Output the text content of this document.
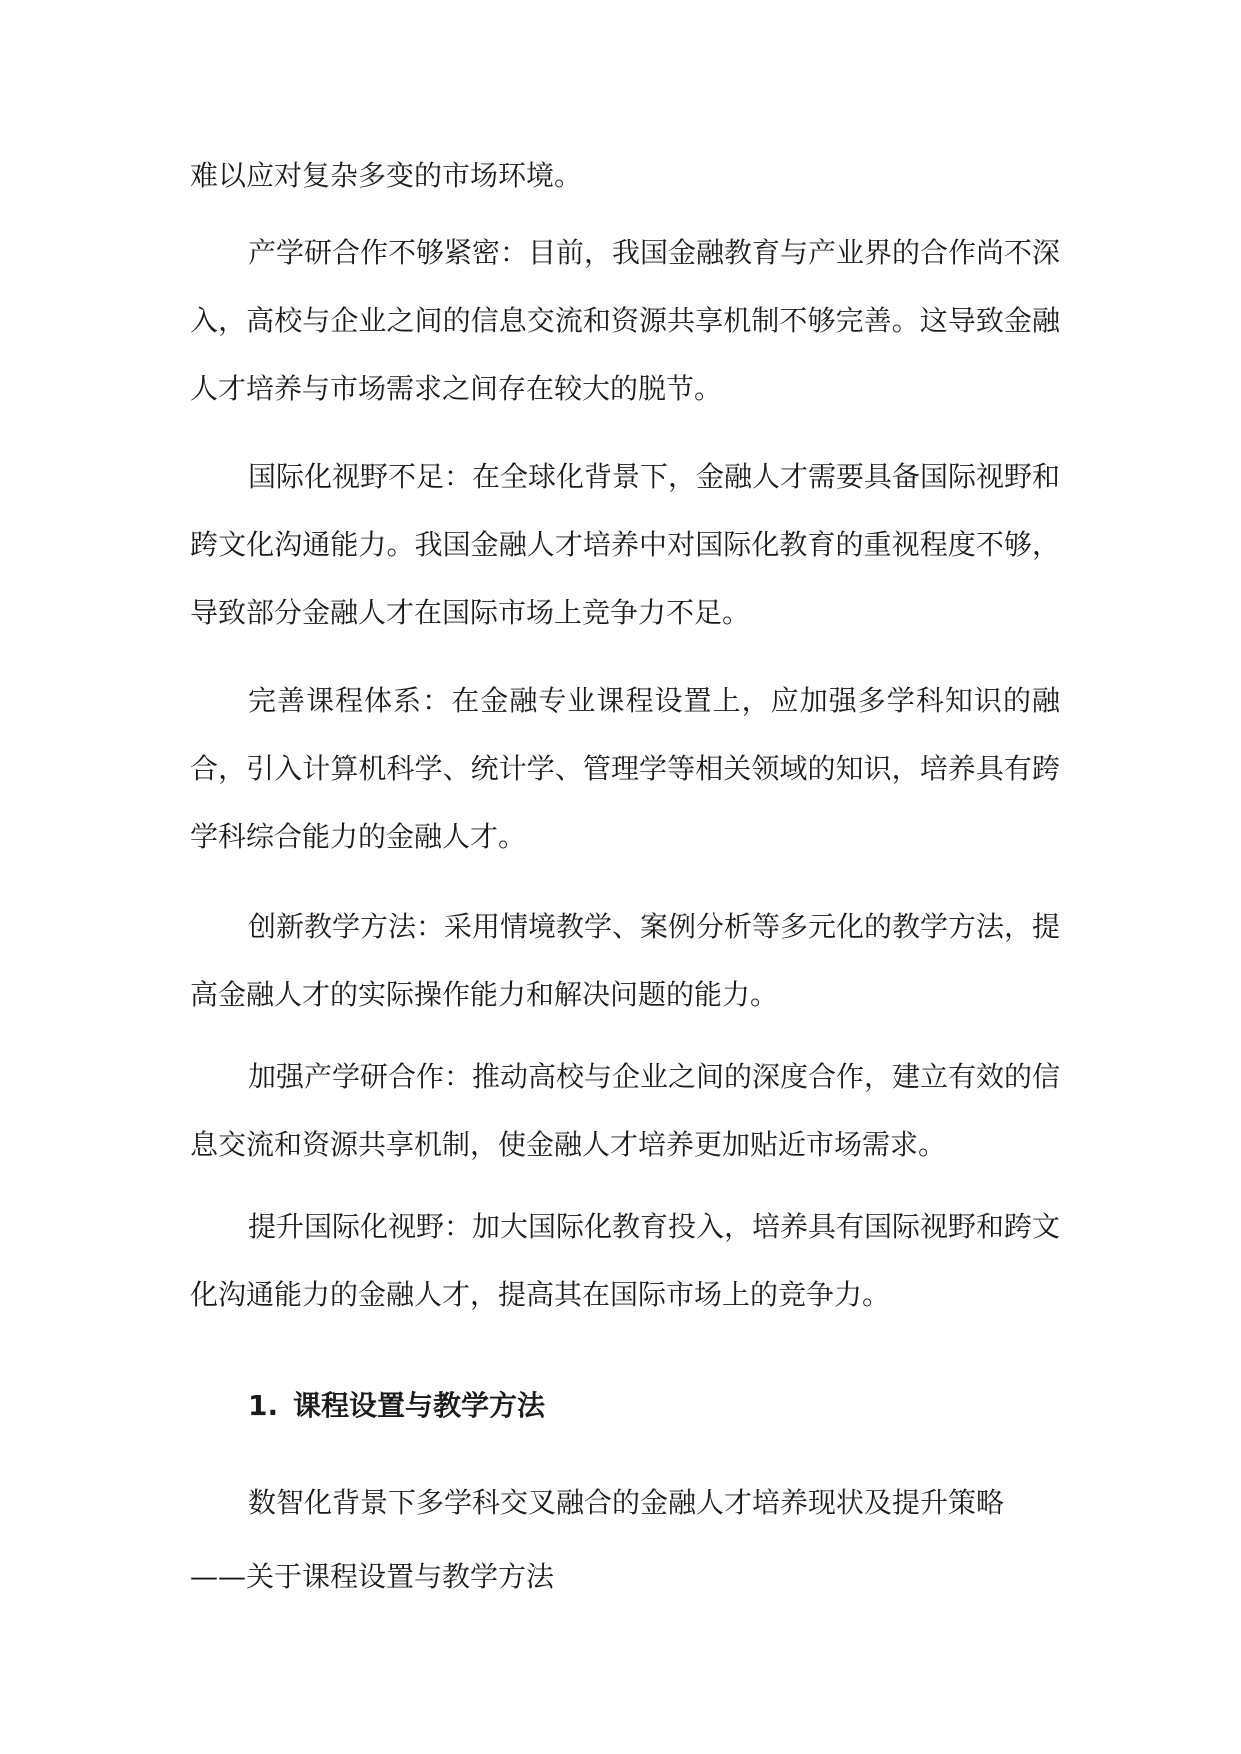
难以应对复杂多变的市场环境。

产学研合作不够紧密：目前，我国金融教育与产业界的合作尚不深入，高校与企业之间的信息交流和资源共享机制不够完善。这导致金融人才培养与市场需求之间存在较大的脱节。

国际化视野不足：在全球化背景下，金融人才需要具备国际视野和跨文化沟通能力。我国金融人才培养中对国际化教育的重视程度不够，导致部分金融人才在国际市场上竞争力不足。

完善课程体系：在金融专业课程设置上，应加强多学科知识的融合，引入计算机科学、统计学、管理学等相关领域的知识，培养具有跨学科综合能力的金融人才。

创新教学方法：采用情境教学、案例分析等多元化的教学方法，提高金融人才的实际操作能力和解决问题的能力。

加强产学研合作：推动高校与企业之间的深度合作，建立有效的信息交流和资源共享机制，使金融人才培养更加贴近市场需求。

提升国际化视野：加大国际化教育投入，培养具有国际视野和跨文化沟通能力的金融人才，提高其在国际市场上的竞争力。

1. 课程设置与教学方法

数智化背景下多学科交叉融合的金融人才培养现状及提升策略

——关于课程设置与教学方法
